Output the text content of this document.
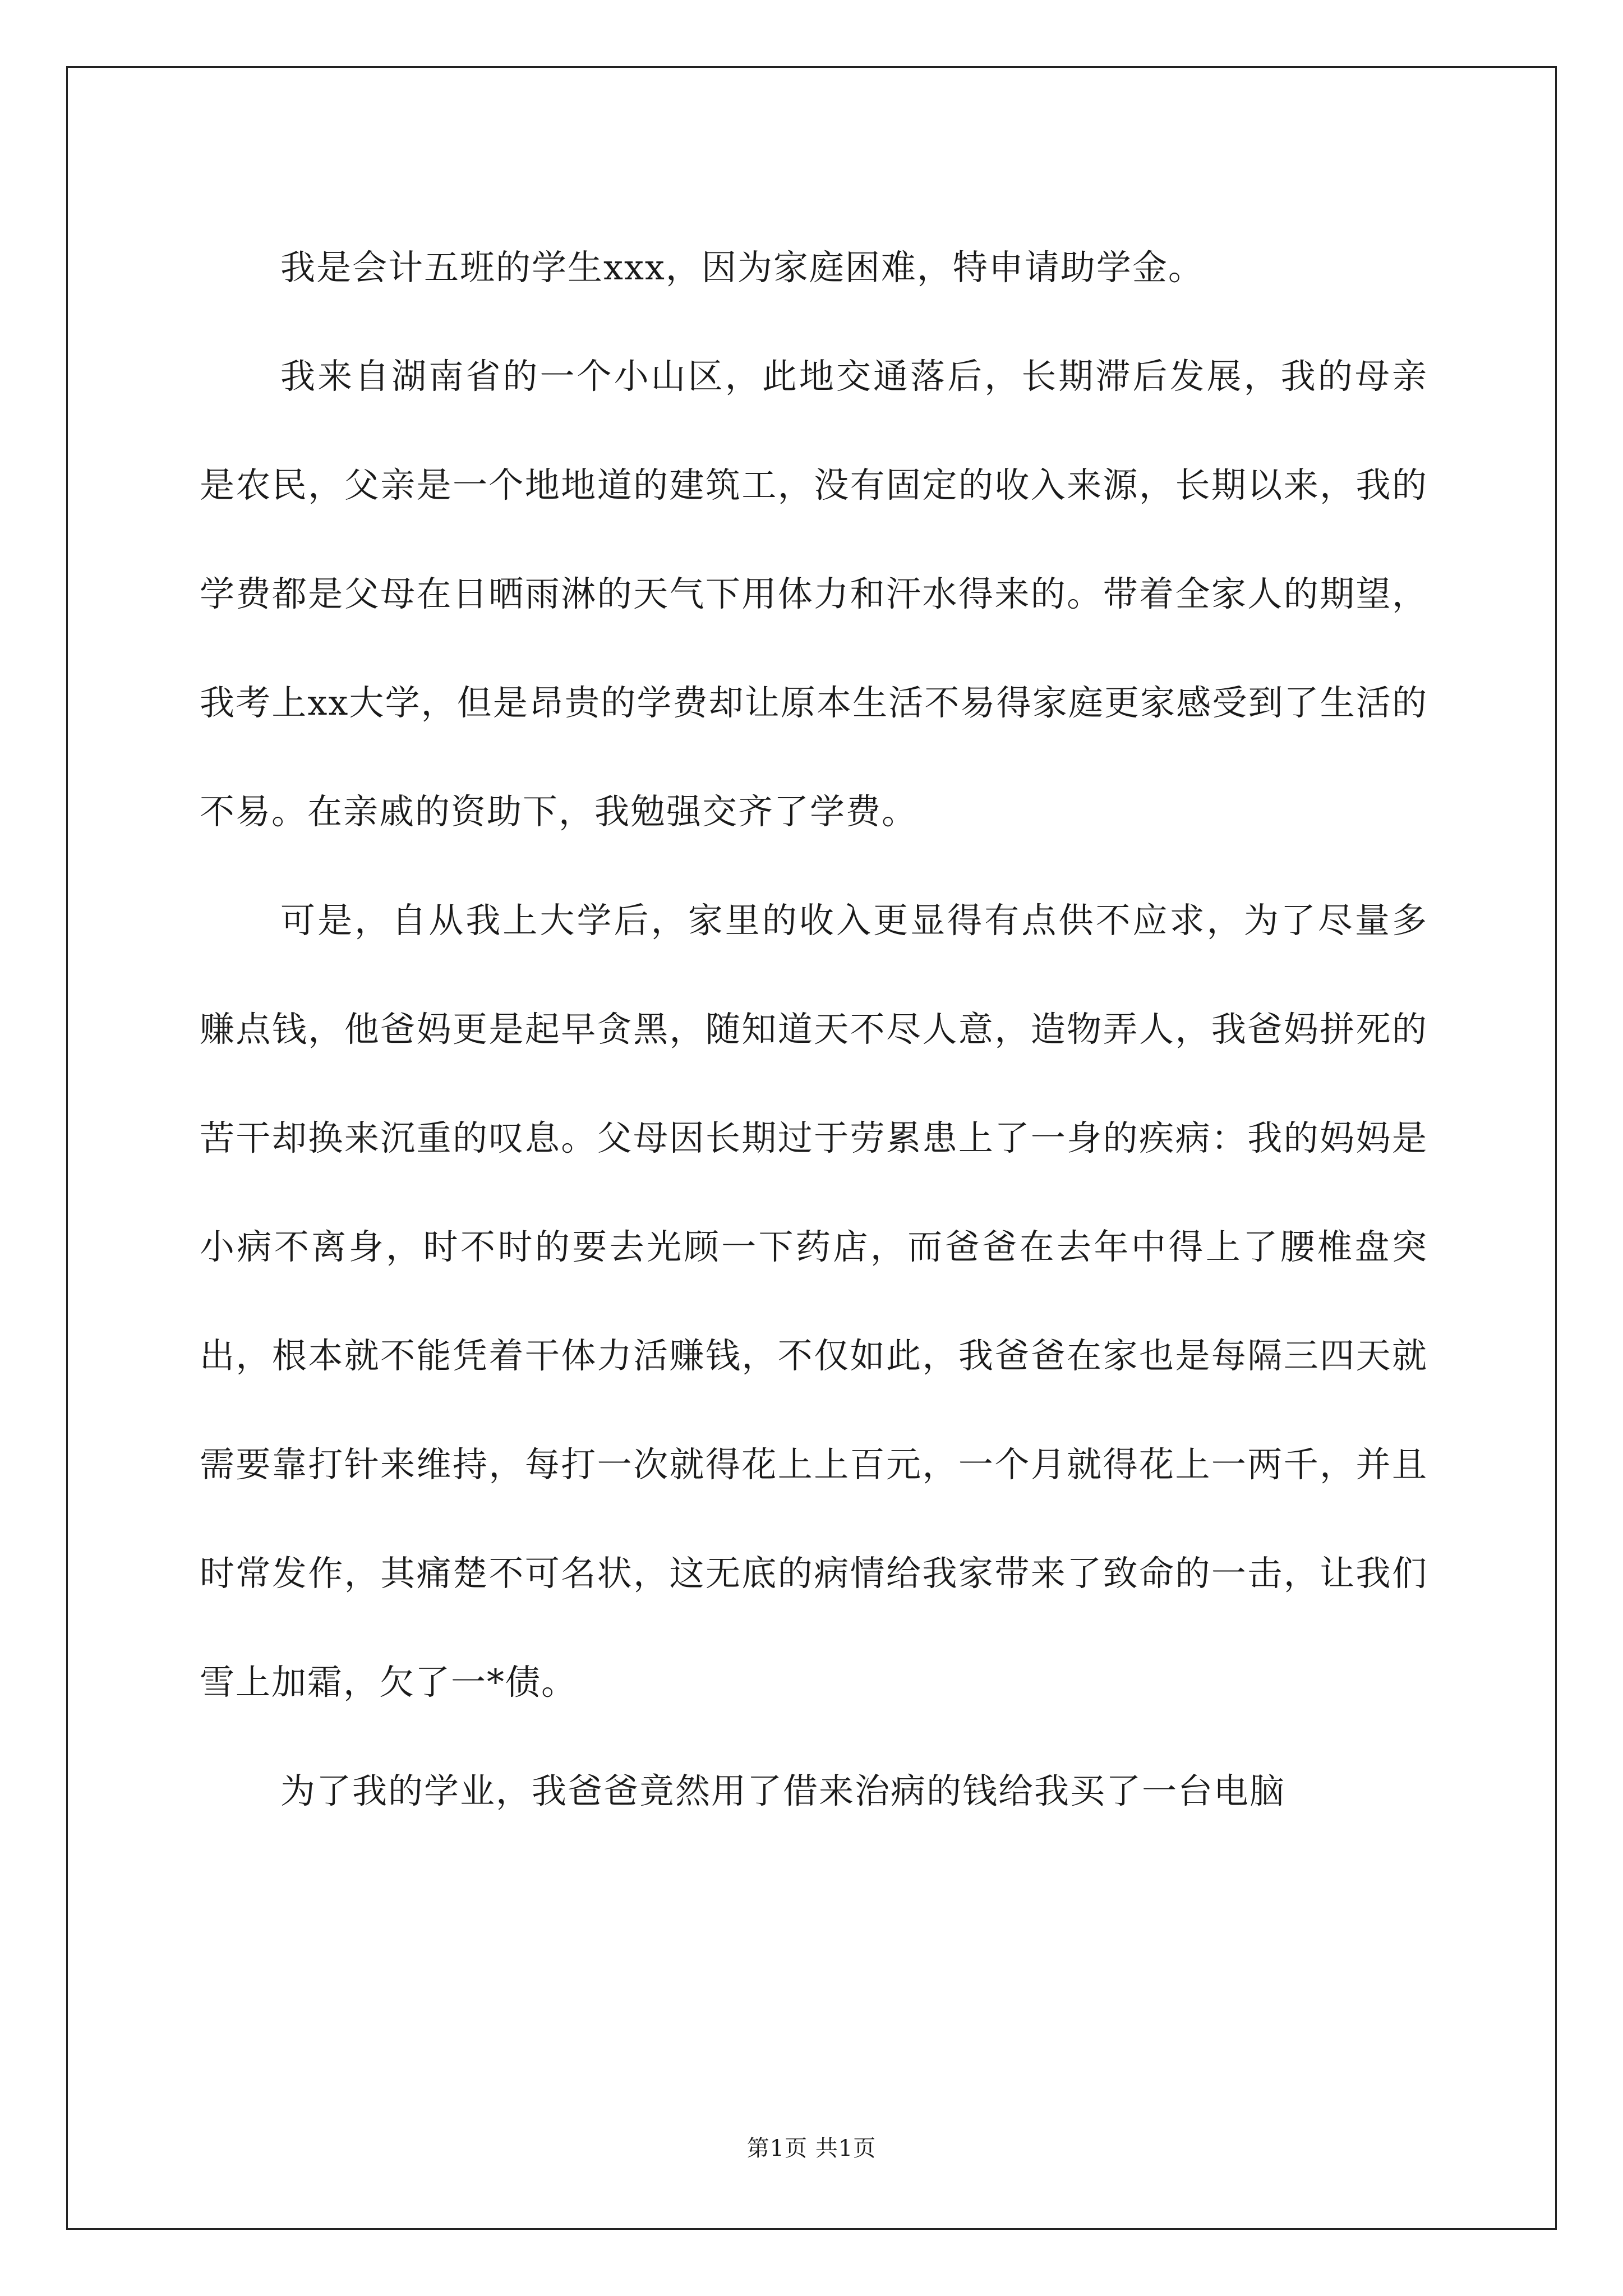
我是会计五班的学生xxx，因为家庭困难，特申请助学金。

我来自湖南省的一个小山区，此地交通落后，长期滞后发展，我的母亲是农民，父亲是一个地地道的建筑工，没有固定的收入来源，长期以来，我的学费都是父母在日晒雨淋的天气下用体力和汗水得来的。带着全家人的期望，我考上xx大学，但是昂贵的学费却让原本生活不易得家庭更家感受到了生活的不易。在亲戚的资助下，我勉强交齐了学费。

可是，自从我上大学后，家里的收入更显得有点供不应求，为了尽量多赚点钱，他爸妈更是起早贪黑，随知道天不尽人意，造物弄人，我爸妈拼死的苦干却换来沉重的叹息。父母因长期过于劳累患上了一身的疾病：我的妈妈是小病不离身，时不时的要去光顾一下药店，而爸爸在去年中得上了腰椎盘突出，根本就不能凭着干体力活赚钱，不仅如此，我爸爸在家也是每隔三四天就需要靠打针来维持，每打一次就得花上上百元，一个月就得花上一两千，并且时常发作，其痛楚不可名状，这无底的病情给我家带来了致命的一击，让我们雪上加霜，欠了一*债。

为了我的学业，我爸爸竟然用了借来治病的钱给我买了一台电脑

第1页 共1页
